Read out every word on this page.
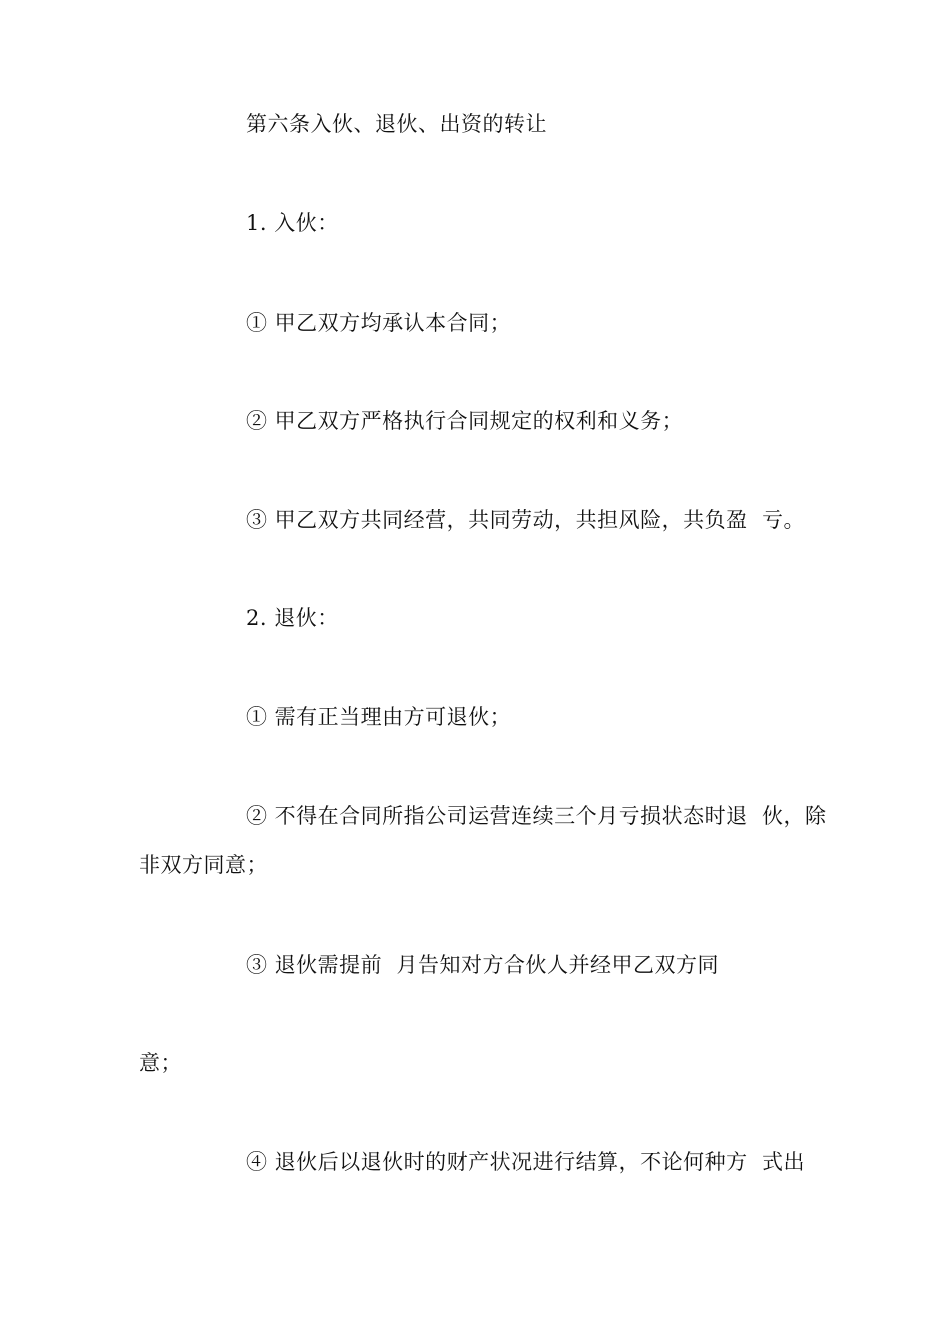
第六条入伙、退伙、出资的转让
1. 入伙：
① 甲乙双方均承认本合同；
② 甲乙双方严格执行合同规定的权利和义务；
③ 甲乙双方共同经营，共同劳动，共担风险，共负盈  亏。
2. 退伙：
① 需有正当理由方可退伙；
② 不得在合同所指公司运营连续三个月亏损状态时退  伙，除
非双方同意；
③ 退伙需提前  月告知对方合伙人并经甲乙双方同
意；
④ 退伙后以退伙时的财产状况进行结算，不论何种方  式出
